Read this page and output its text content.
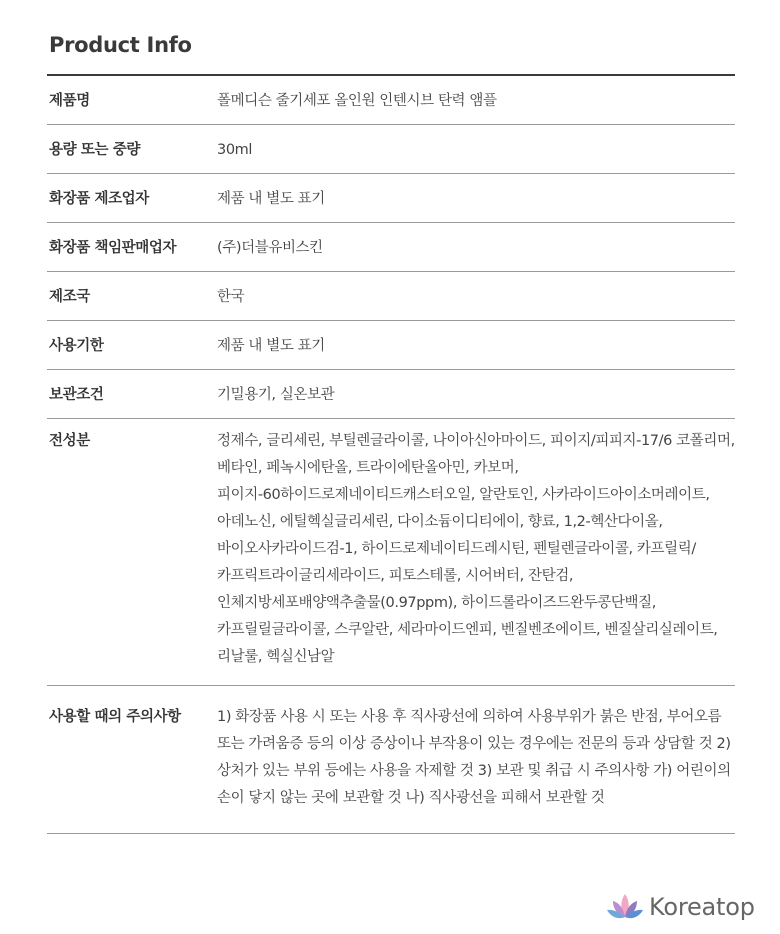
Product Info
제품명	폴메디슨 줄기세포 올인원 인텐시브 탄력 앰플
용량 또는 중량	30ml
화장품 제조업자	제품 내 별도 표기
화장품 책임판매업자	(주)더블유비스킨
제조국	한국
사용기한	제품 내 별도 표기
보관조건	기밀용기, 실온보관
전성분	정제수, 글리세린, 부틸렌글라이콜, 나이아신아마이드, 피이지/피피지-17/6 코폴리머, 베타인, 페녹시에탄올, 트라이에탄올아민, 카보머, 피이지-60하이드로제네이티드캐스터오일, 알란토인, 사카라이드아이소머레이트, 아데노신, 에틸헥실글리세린, 다이소듐이디티에이, 향료, 1,2-헥산다이올, 바이오사카라이드검-1, 하이드로제네이티드레시틴, 펜틸렌글라이콜, 카프릴릭/카프릭트라이글리세라이드, 피토스테롤, 시어버터, 잔탄검, 인체지방세포배양액추출물(0.97ppm), 하이드롤라이즈드완두콩단백질, 카프릴릴글라이콜, 스쿠알란, 세라마이드엔피, 벤질벤조에이트, 벤질살리실레이트, 리날룰, 헥실신남알
사용할 때의 주의사항	1) 화장품 사용 시 또는 사용 후 직사광선에 의하여 사용부위가 붉은 반점, 부어오름 또는 가려움증 등의 이상 증상이나 부작용이 있는 경우에는 전문의 등과 상담할 것 2) 상처가 있는 부위 등에는 사용을 자제할 것 3) 보관 및 취급 시 주의사항 가) 어린이의 손이 닿지 않는 곳에 보관할 것 나) 직사광선을 피해서 보관할 것
Koreatop
